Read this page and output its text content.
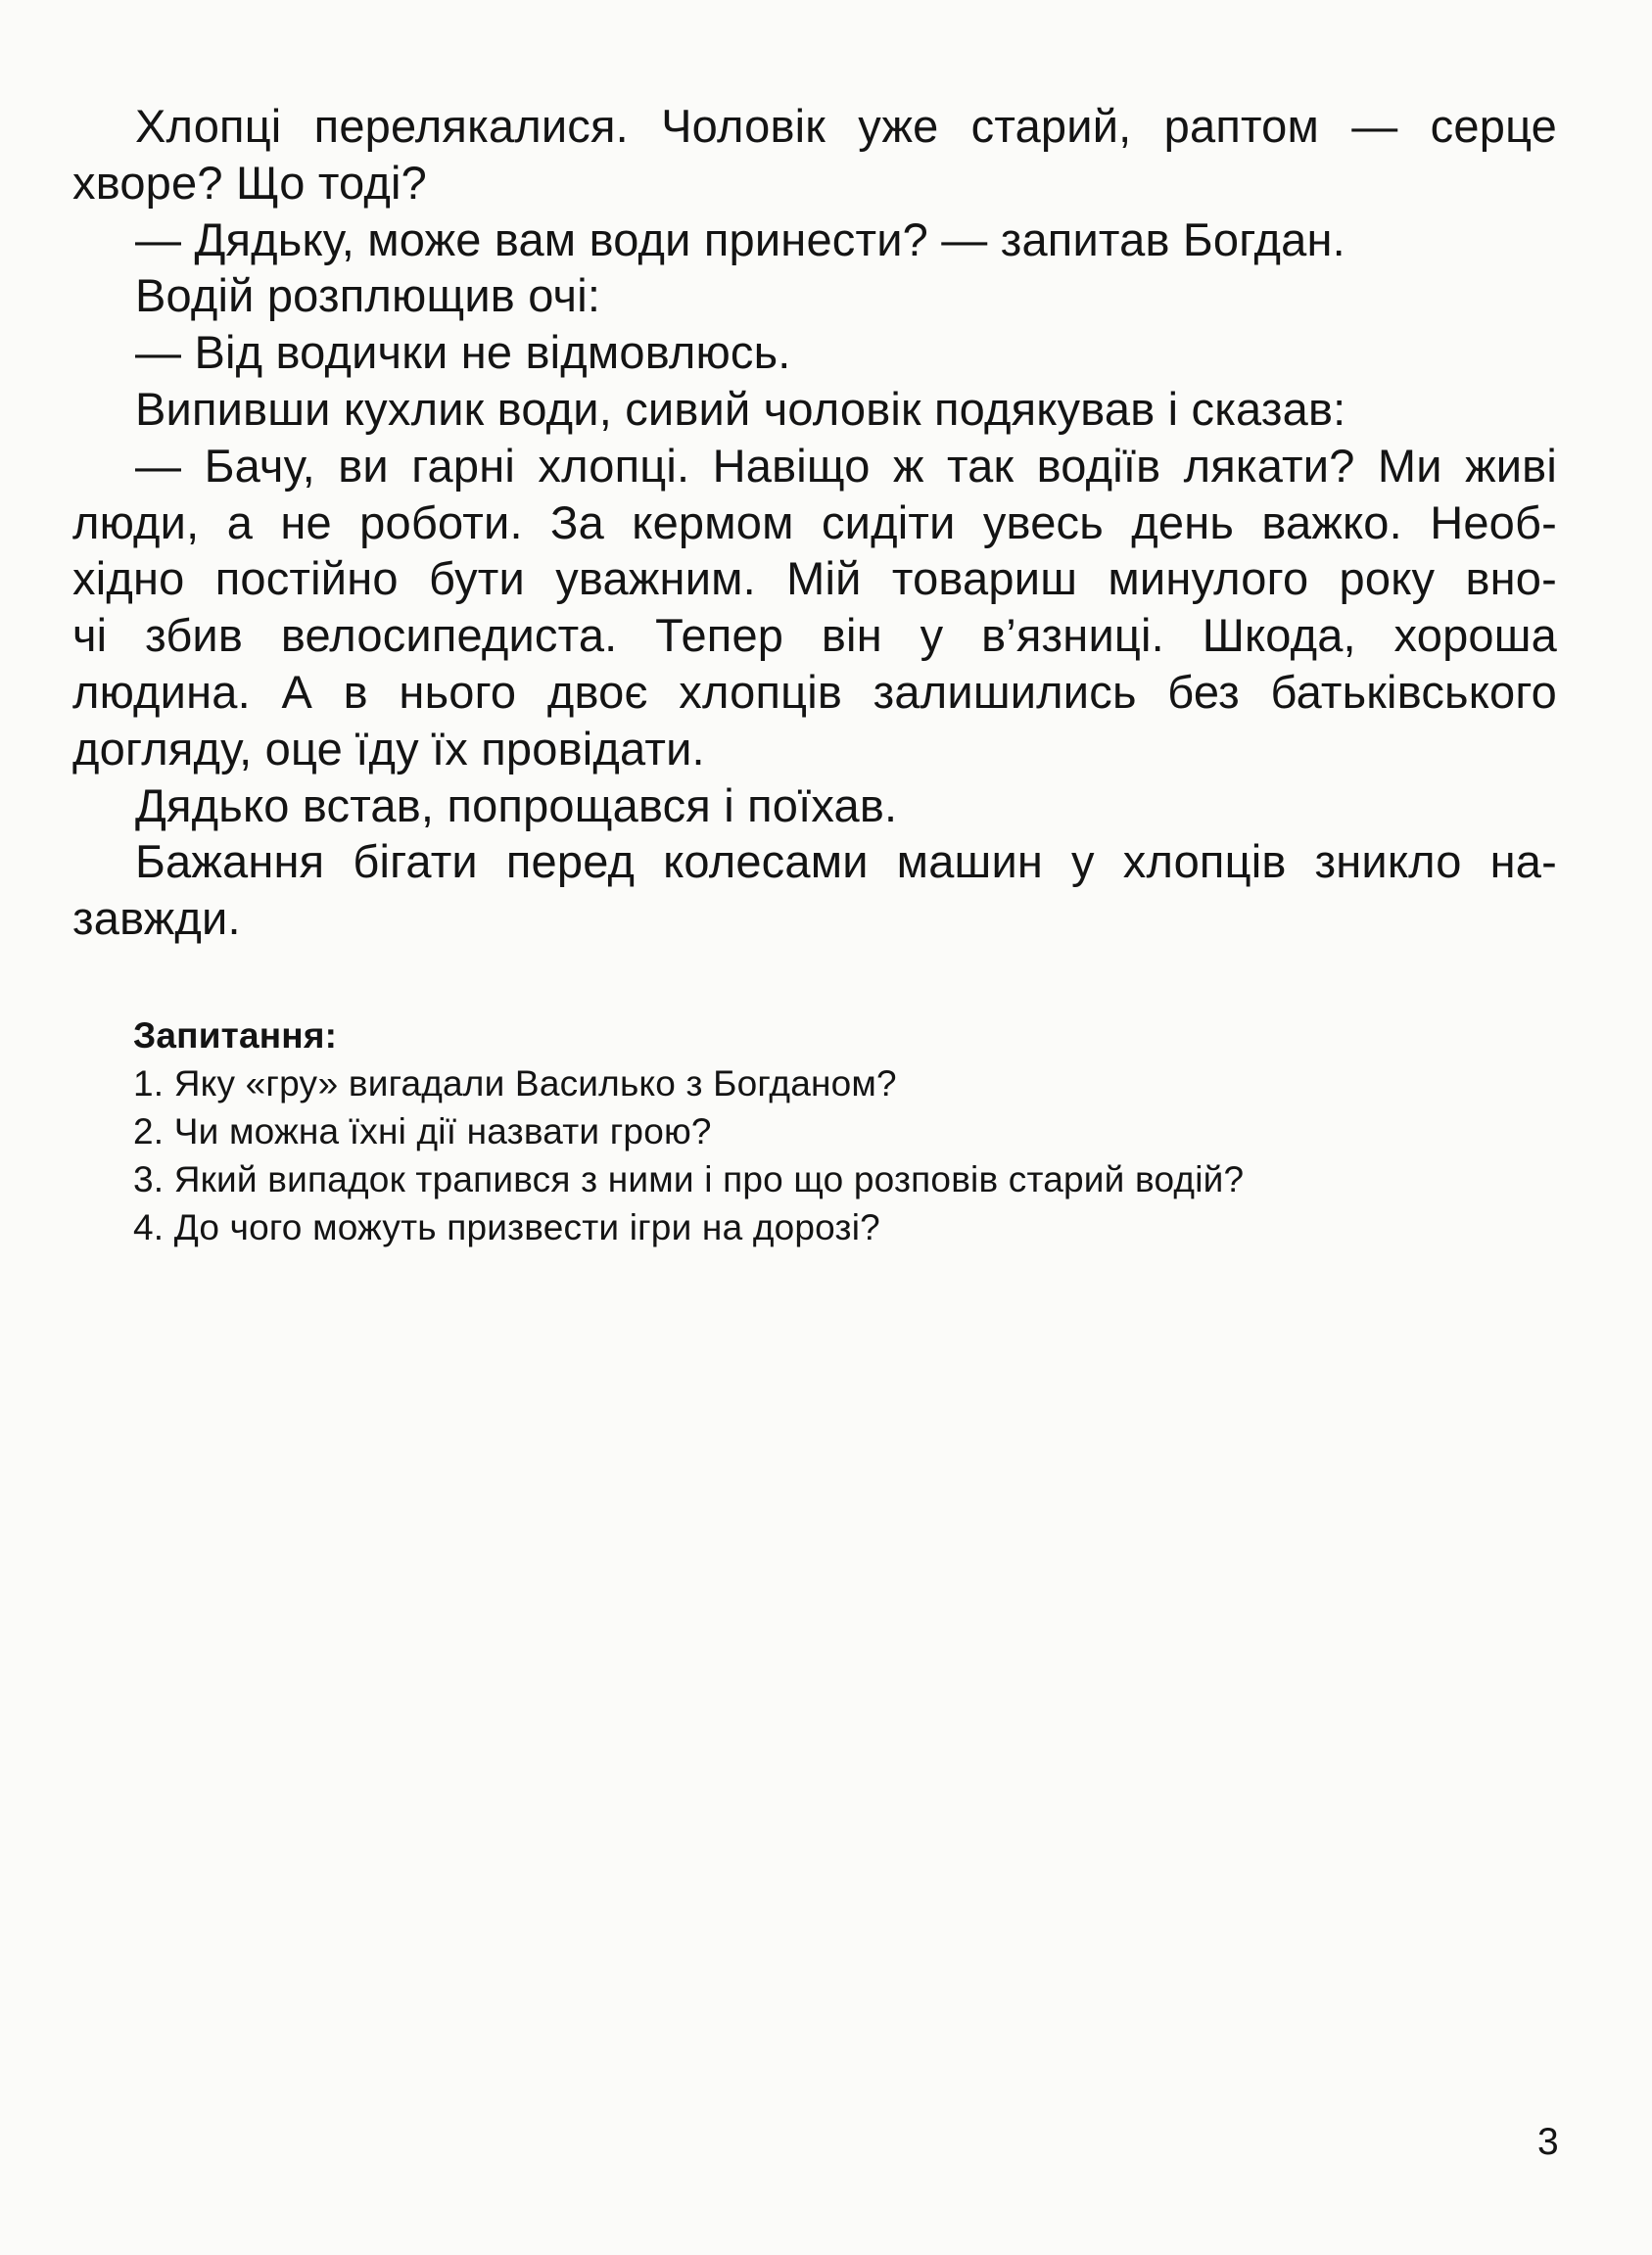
Хлопці перелякалися. Чоловік уже старий, раптом — серце
хворе? Що тоді?
— Дядьку, може вам води принести? — запитав Богдан.
Водій розплющив очі:
— Від водички не відмовлюсь.
Випивши кухлик води, сивий чоловік подякував і сказав:
— Бачу, ви гарні хлопці. Навіщо ж так водіїв лякати? Ми живі
люди, а не роботи. За кермом сидіти увесь день важко. Необ-
хідно постійно бути уважним. Мій товариш минулого року вно-
чі збив велосипедиста. Тепер він у в’язниці. Шкода, хороша
людина. А в нього двоє хлопців залишились без батьківського
догляду, оце їду їх провідати.
Дядько встав, попрощався і поїхав.
Бажання бігати перед колесами машин у хлопців зникло на-
завжди.
Запитання:
1. Яку «гру» вигадали Василько з Богданом?
2. Чи можна їхні дії назвати грою?
3. Який випадок трапився з ними і про що розповів старий водій?
4. До чого можуть призвести ігри на дорозі?
3
